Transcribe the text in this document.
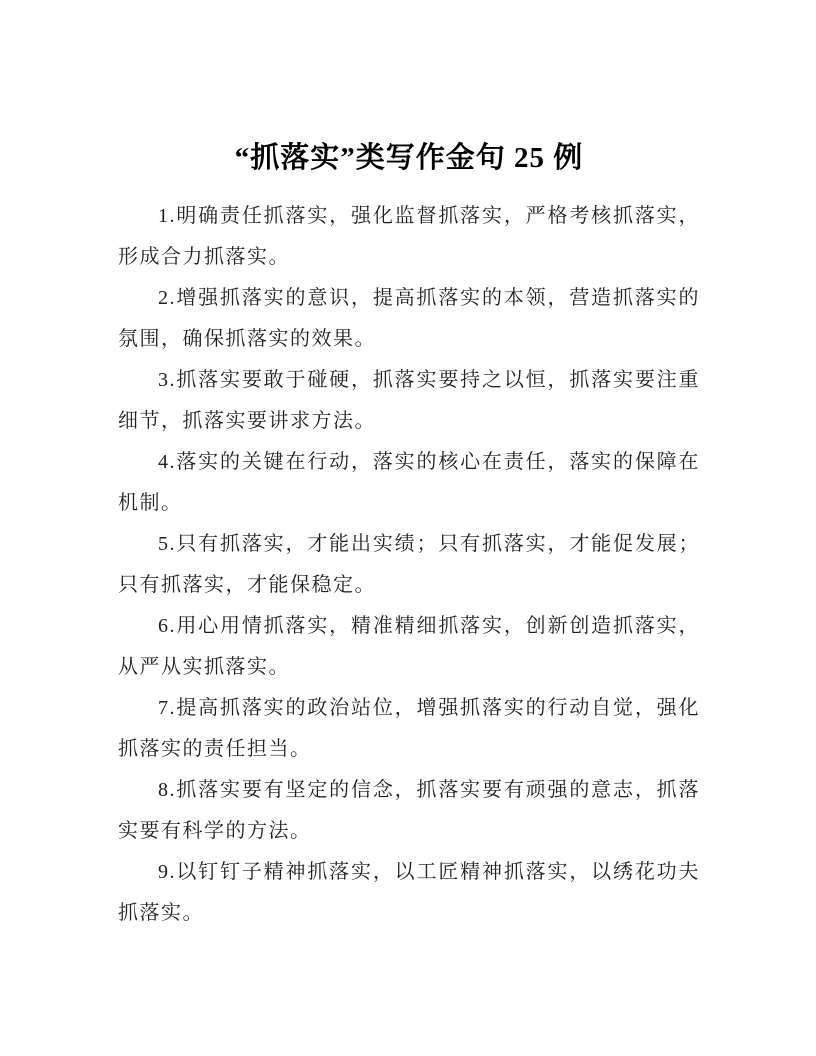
“抓落实”类写作金句 25 例

1.明确责任抓落实，强化监督抓落实，严格考核抓落实，形成合力抓落实。

2.增强抓落实的意识，提高抓落实的本领，营造抓落实的氛围，确保抓落实的效果。

3.抓落实要敢于碰硬，抓落实要持之以恒，抓落实要注重细节，抓落实要讲求方法。

4.落实的关键在行动，落实的核心在责任，落实的保障在机制。

5.只有抓落实，才能出实绩；只有抓落实，才能促发展；只有抓落实，才能保稳定。

6.用心用情抓落实，精准精细抓落实，创新创造抓落实，从严从实抓落实。

7.提高抓落实的政治站位，增强抓落实的行动自觉，强化抓落实的责任担当。

8.抓落实要有坚定的信念，抓落实要有顽强的意志，抓落实要有科学的方法。

9.以钉钉子精神抓落实，以工匠精神抓落实，以绣花功夫抓落实。
